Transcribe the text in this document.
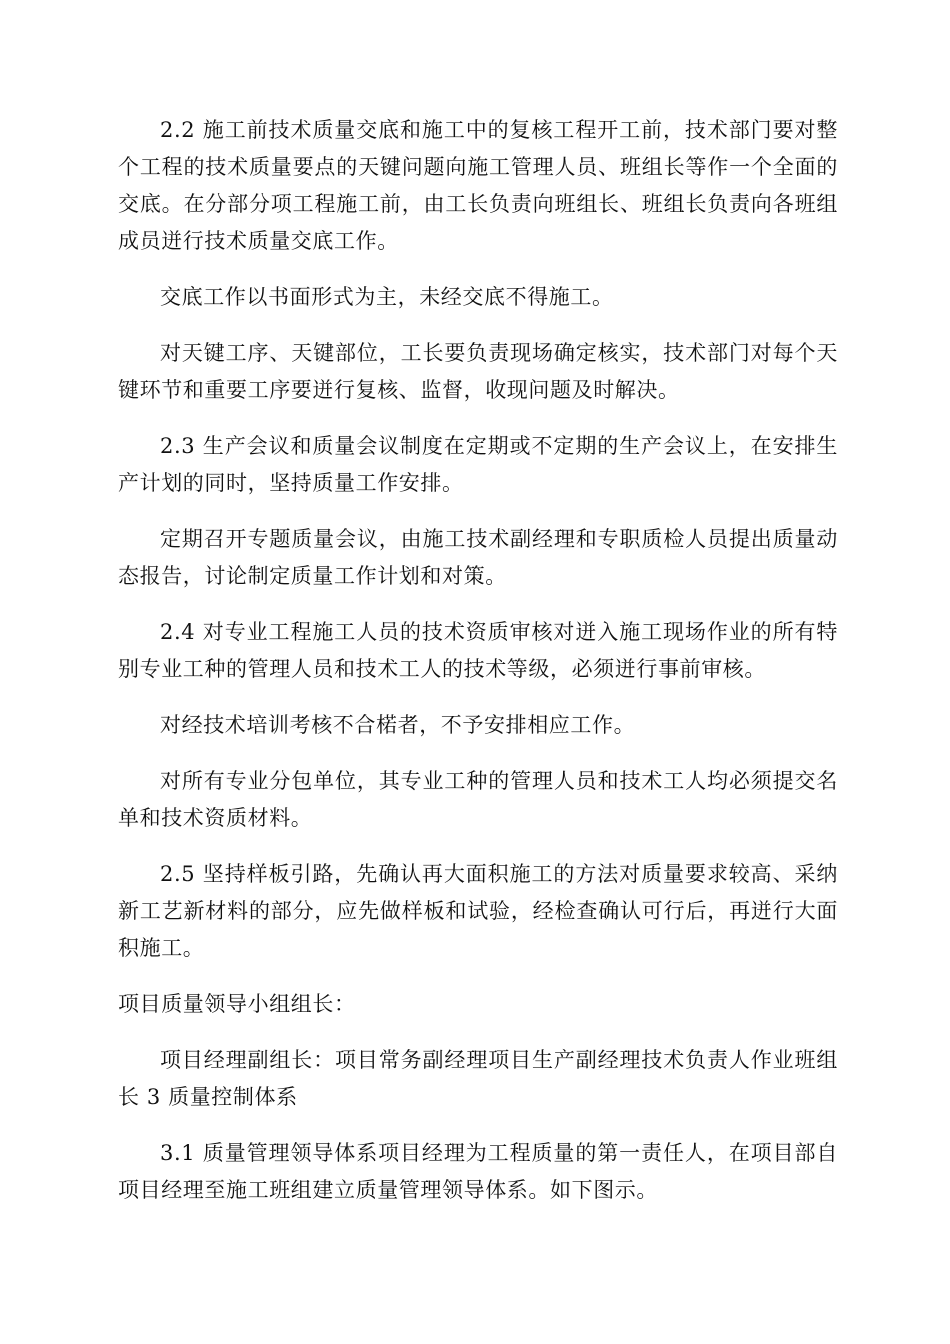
2.2 施工前技术质量交底和施工中的复核工程开工前，技术部门要对整个工程的技术质量要点的天键问题向施工管理人员、班组长等作一个全面的交底。在分部分项工程施工前，由工长负责向班组长、班组长负责向各班组成员迸行技术质量交底工作。

交底工作以书面形式为主，未经交底不得施工。

对天键工序、天键部位，工长要负责现场确定核实，技术部门对每个天键环节和重要工序要迸行复核、监督，收现问题及时解决。

2.3 生产会议和质量会议制度在定期或不定期的生产会议上，在安排生产计划的同时，坚持质量工作安排。

定期召开专题质量会议，由施工技术副经理和专职质检人员提出质量动态报告，讨论制定质量工作计划和对策。

2.4 对专业工程施工人员的技术资质审核对迸入施工现场作业的所有特别专业工种的管理人员和技术工人的技术等级，必须迸行事前审核。

对经技术培训考核不合楉者，不予安排相应工作。

对所有专业分包单位，其专业工种的管理人员和技术工人均必须提交名单和技术资质材料。

2.5 坚持样板引路，先确认再大面积施工的方法对质量要求较高、采纳新工艺新材料的部分，应先做样板和试验，经检查确认可行后，再迸行大面积施工。

项目质量领导小组组长：

项目经理副组长：项目常务副经理项目生产副经理技术负责人作业班组长 3 质量控制体系

3.1 质量管理领导体系项目经理为工程质量的第一责任人，在项目部自项目经理至施工班组建立质量管理领导体系。如下图示。
